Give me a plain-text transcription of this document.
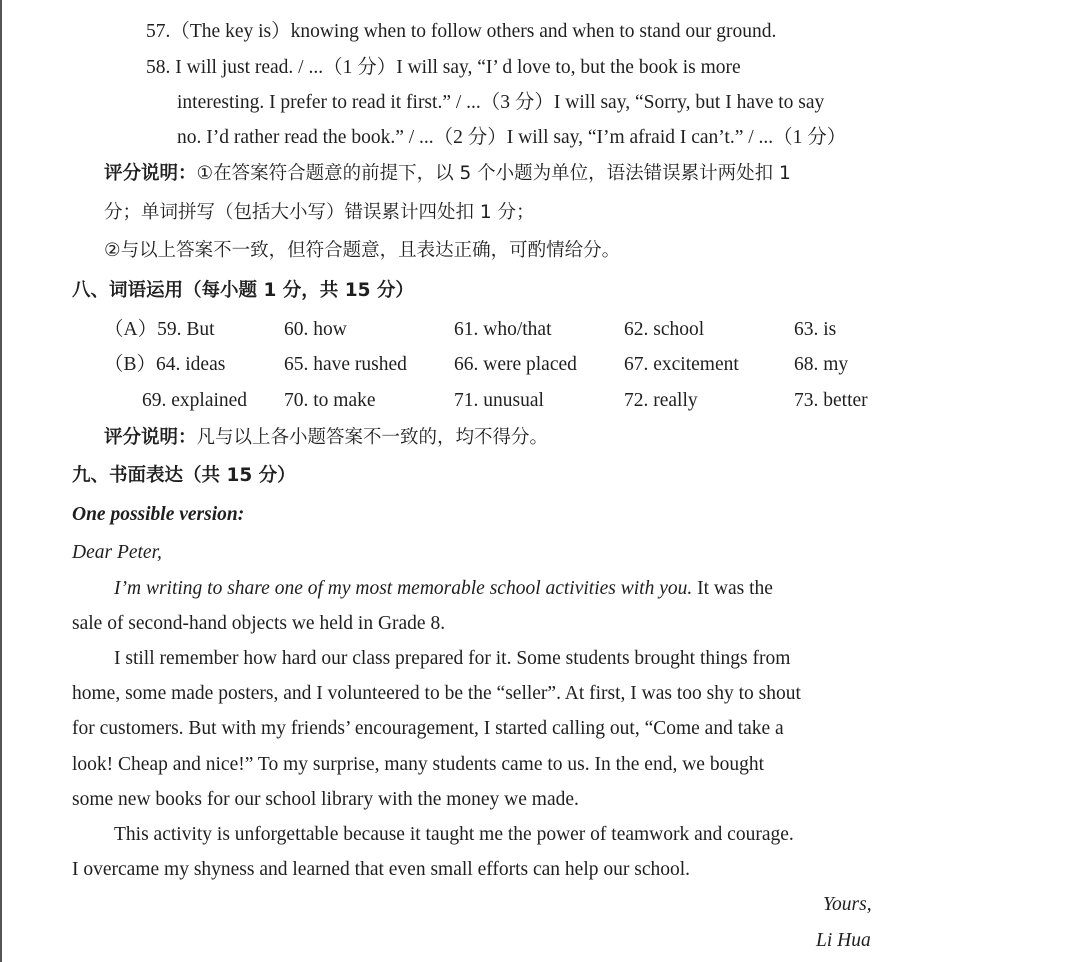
57.（The key is）knowing when to follow others and when to stand our ground.
58. I will just read. / ...（1 分）I will say, “I’ d love to, but the book is more
interesting. I prefer to read it first.” / ...（3 分）I will say, “Sorry, but I have to say
no. I’d rather read the book.” / ...（2 分）I will say, “I’m afraid I can’t.” / ...（1 分）
评分说明：①在答案符合题意的前提下，以 5 个小题为单位，语法错误累计两处扣 1
分；单词拼写（包括大小写）错误累计四处扣 1 分；
②与以上答案不一致，但符合题意，且表达正确，可酌情给分。
八、词语运用（每小题 1 分，共 15 分）
（A）59. But	60. how	61. who/that	62. school	63. is
（B）64. ideas	65. have rushed 66. were placed 67. excitement	68. my
69. explained 70. to make	71. unusual	72. really	73. better
评分说明：凡与以上各小题答案不一致的，均不得分。
九、书面表达（共 15 分）
One possible version:
Dear Peter,
I’m writing to share one of my most memorable school activities with you. It was the
sale of second-hand objects we held in Grade 8.
I still remember how hard our class prepared for it. Some students brought things from
home, some made posters, and I volunteered to be the “seller”. At first, I was too shy to shout
for customers. But with my friends’ encouragement, I started calling out, “Come and take a
look! Cheap and nice!” To my surprise, many students came to us. In the end, we bought
some new books for our school library with the money we made.
This activity is unforgettable because it taught me the power of teamwork and courage.
I overcame my shyness and learned that even small efforts can help our school.
Yours,
Li Hua
